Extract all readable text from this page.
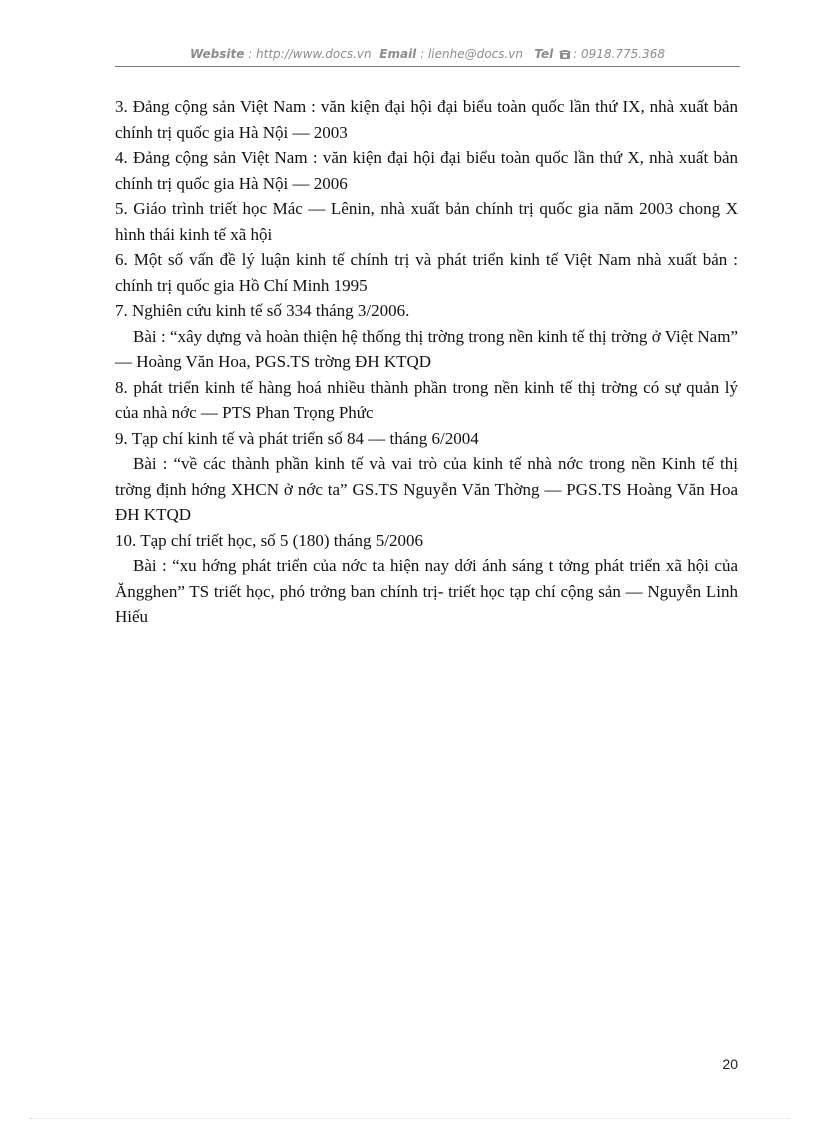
Website : http://www.docs.vn Email : lienhe@docs.vn Tel : 0918.775.368

3. Đảng cộng sản Việt Nam : văn kiện đại hội đại biểu toàn quốc lần thứ IX, nhà xuất bản chính trị quốc gia Hà Nội — 2003

4. Đảng cộng sản Việt Nam : văn kiện đại hội đại biểu toàn quốc lần thứ X, nhà xuất bản chính trị quốc gia Hà Nội — 2006

5. Giáo trình triết học Mác — Lênin, nhà xuất bản chính trị quốc gia năm 2003 chong X hình thái kinh tế xã hội

6. Một số vấn đề lý luận kinh tế chính trị và phát triển kinh tế Việt Nam nhà xuất bản : chính trị quốc gia Hồ Chí Minh 1995

7. Nghiên cứu kinh tế số 334 tháng 3/2006.

Bài : “xây dựng và hoàn thiện hệ thống thị trờng trong nền kinh tế thị trờng ở Việt Nam” — Hoàng Văn Hoa, PGS.TS trờng ĐH KTQD

8. phát triển kinh tế hàng hoá nhiều thành phần trong nền kinh tế thị trờng có sự quản lý của nhà nớc — PTS Phan Trọng Phức

9. Tạp chí kinh tế và phát triển số 84 — tháng 6/2004

Bài : “về các thành phần kinh tế và vai trò của kinh tế nhà nớc trong nền Kinh tế thị trờng định hớng XHCN ở nớc ta” GS.TS Nguyễn Văn Thờng — PGS.TS Hoàng Văn Hoa ĐH KTQD

10. Tạp chí triết học, số 5 (180) tháng 5/2006

Bài : “xu hớng phát triển của nớc ta hiện nay dới ánh sáng t tởng phát triển xã hội của Ăngghen” TS triết học, phó trởng ban chính trị- triết học tạp chí cộng sản — Nguyễn Linh Hiếu

20
